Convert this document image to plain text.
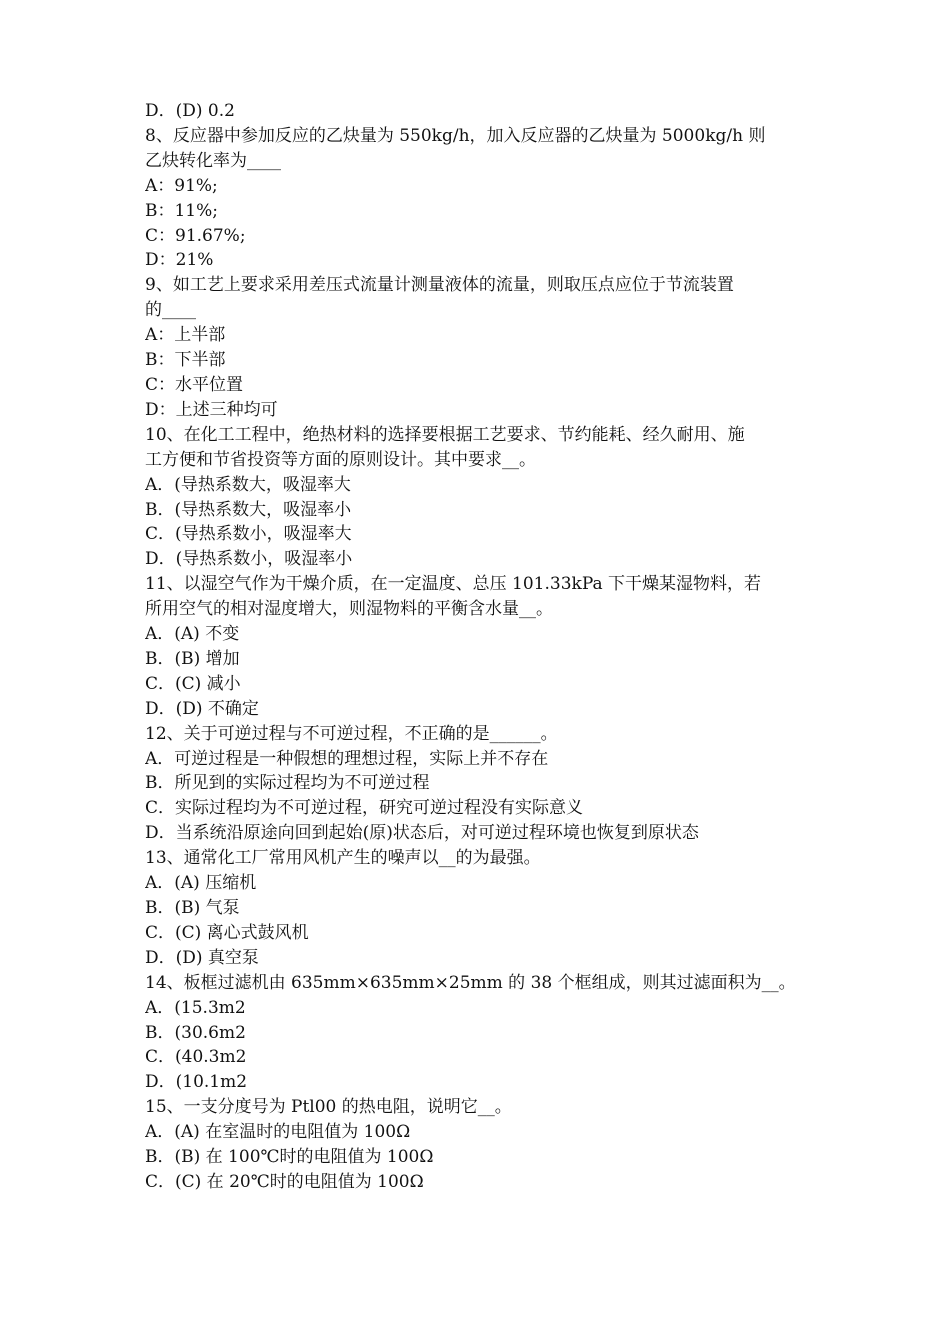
D．(D) 0.2
8、反应器中参加反应的乙炔量为 550kg/h，加入反应器的乙炔量为 5000kg/h 则
乙炔转化率为____
A：91%;
B：11%;
C：91.67%;
D：21%
9、如工艺上要求采用差压式流量计测量液体的流量，则取压点应位于节流装置
的____
A：上半部
B：下半部
C：水平位置
D：上述三种均可
10、在化工工程中，绝热材料的选择要根据工艺要求、节约能耗、经久耐用、施
工方便和节省投资等方面的原则设计。其中要求__。
A．(导热系数大，吸湿率大
B．(导热系数大，吸湿率小
C．(导热系数小，吸湿率大
D．(导热系数小，吸湿率小
11、以湿空气作为干燥介质，在一定温度、总压 101.33kPa 下干燥某湿物料，若
所用空气的相对湿度增大，则湿物料的平衡含水量__。
A．(A) 不变
B．(B) 增加
C．(C) 减小
D．(D) 不确定
12、关于可逆过程与不可逆过程，不正确的是______。
A．可逆过程是一种假想的理想过程，实际上并不存在
B．所见到的实际过程均为不可逆过程
C．实际过程均为不可逆过程，研究可逆过程没有实际意义
D．当系统沿原途向回到起始(原)状态后，对可逆过程环境也恢复到原状态
13、通常化工厂常用风机产生的噪声以__的为最强。
A．(A) 压缩机
B．(B) 气泵
C．(C) 离心式鼓风机
D．(D) 真空泵
14、板框过滤机由 635mm×635mm×25mm 的 38 个框组成，则其过滤面积为__。
A．(15.3m2
B．(30.6m2
C．(40.3m2
D．(10.1m2
15、一支分度号为 Ptl00 的热电阻，说明它__。
A．(A) 在室温时的电阻值为 100Ω
B．(B) 在 100℃时的电阻值为 100Ω
C．(C) 在 20℃时的电阻值为 100Ω
